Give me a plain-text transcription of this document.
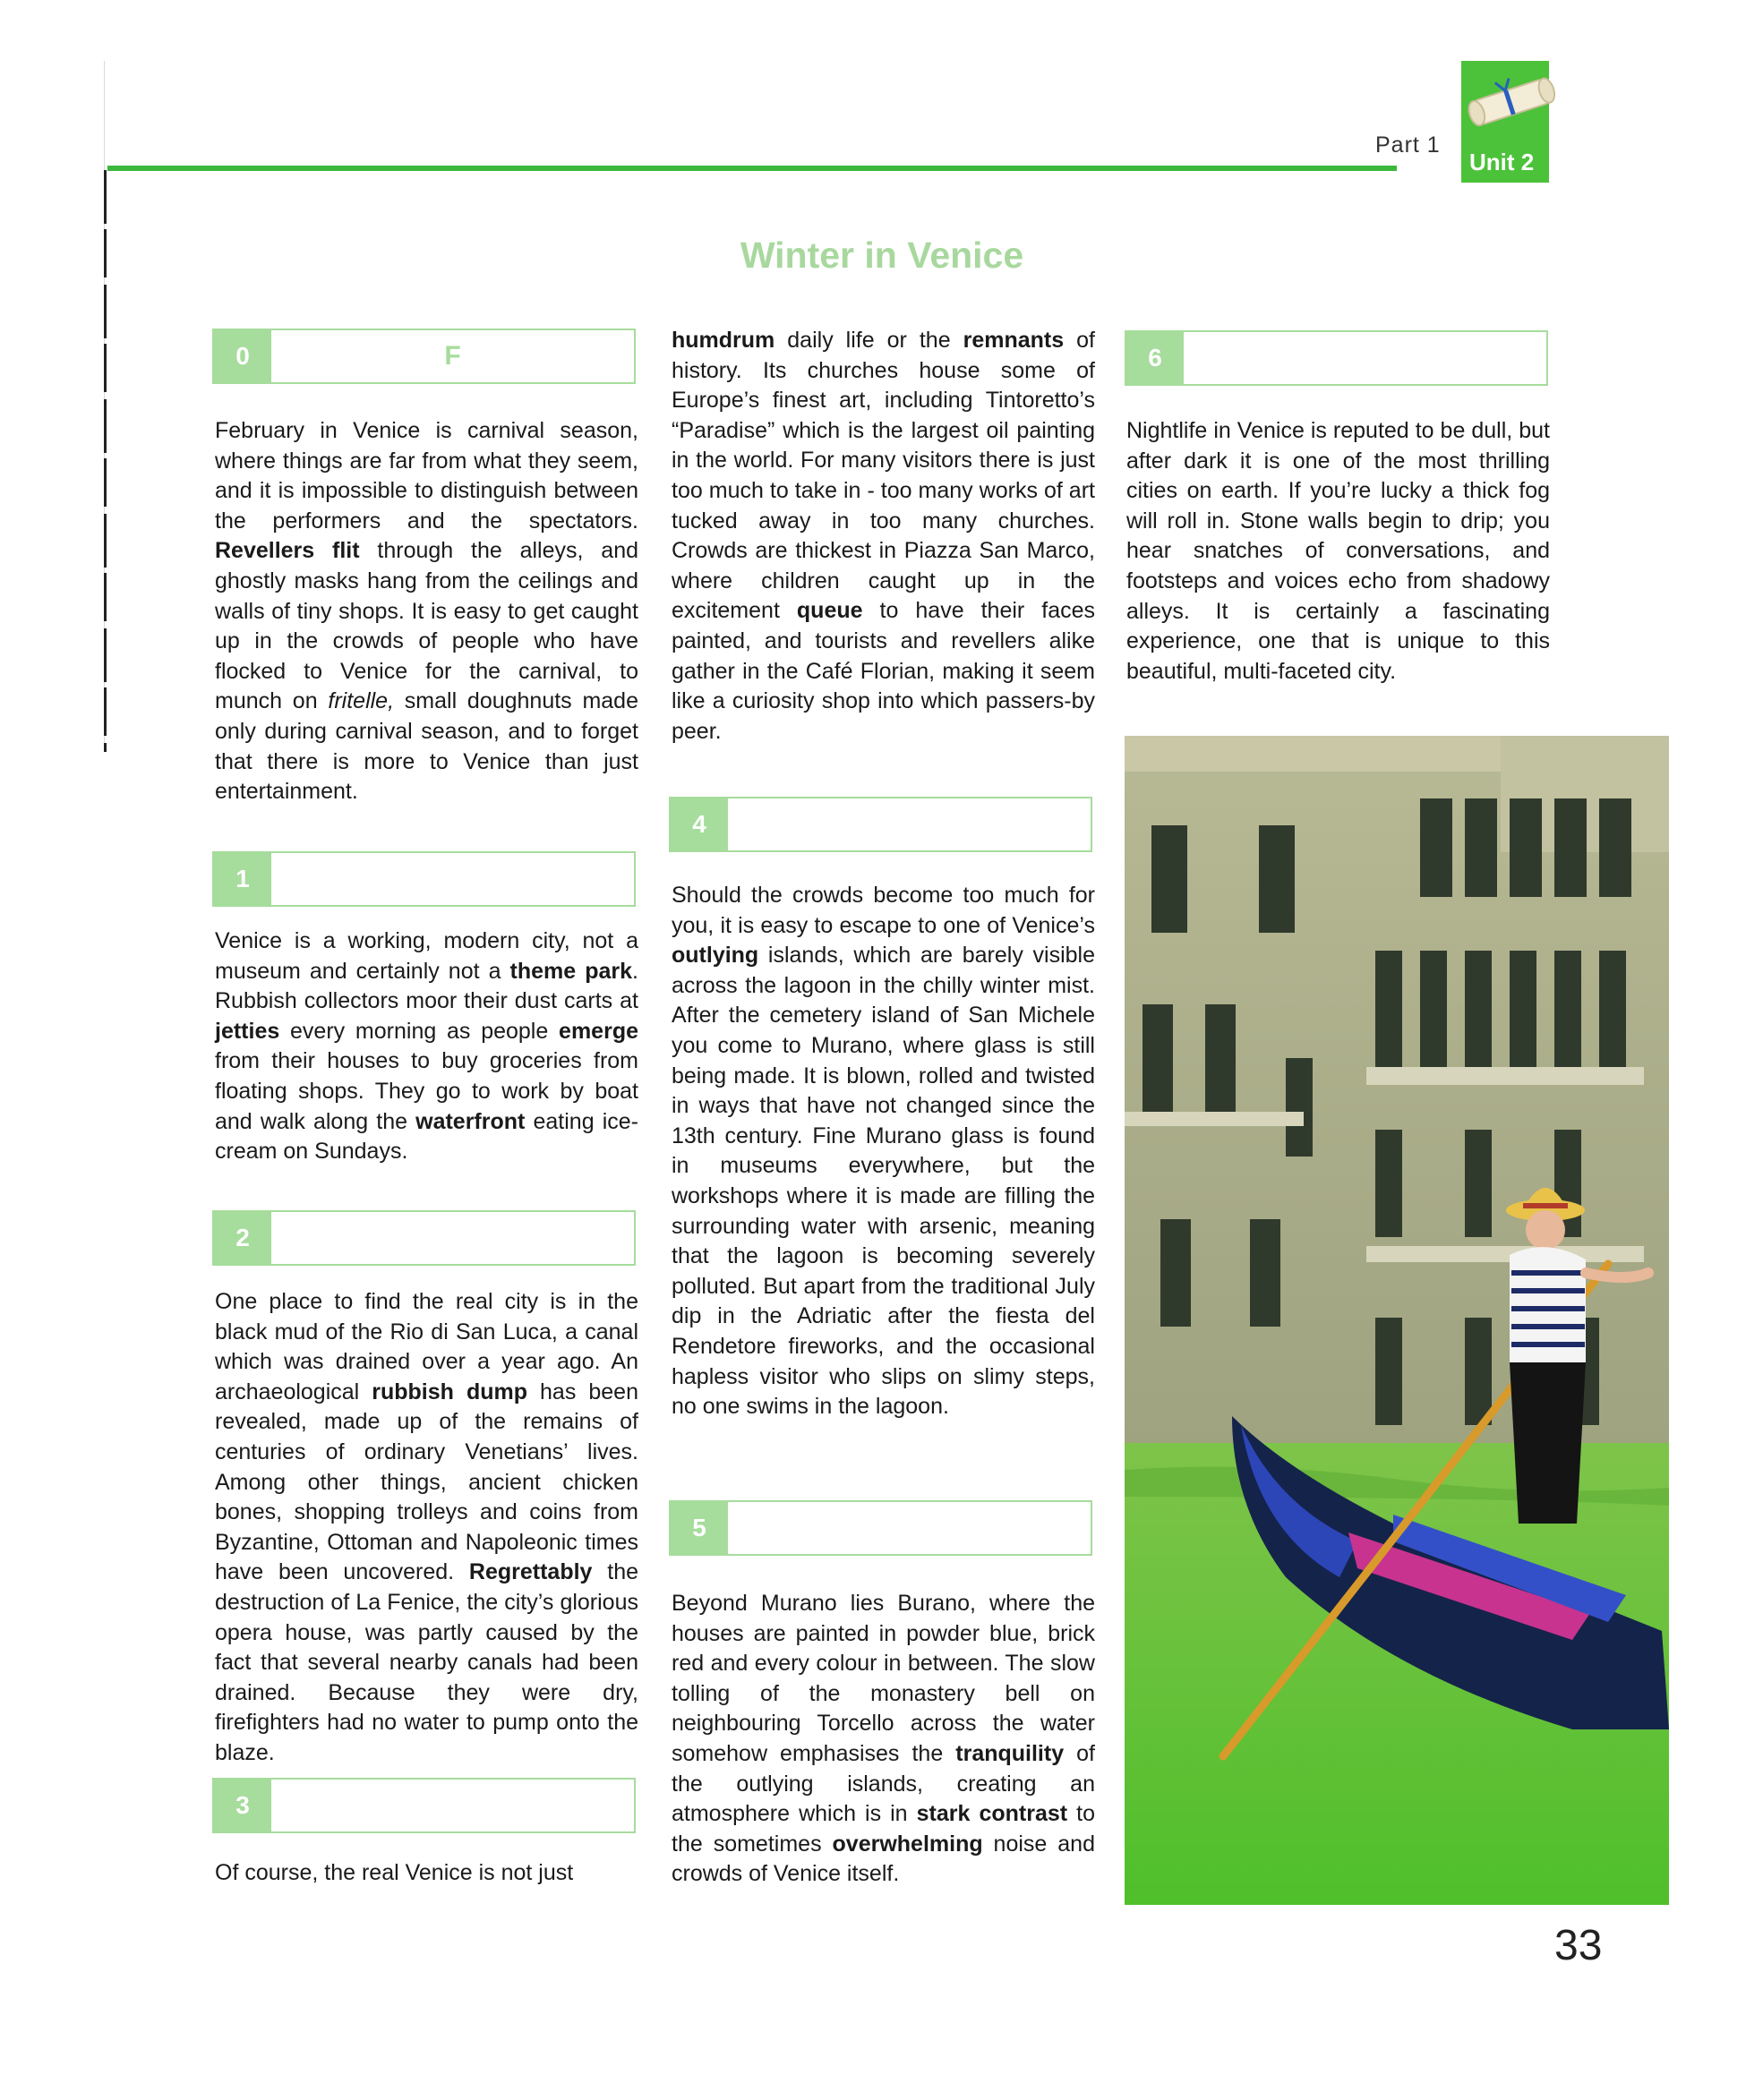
Part 1
Unit 2
Winter in Venice
0	F

February in Venice is carnival season, where things are far from what they seem, and it is impossible to distinguish between the performers and the spectators. Revellers flit through the alleys, and ghostly masks hang from the ceilings and walls of tiny shops. It is easy to get caught up in the crowds of people who have flocked to Venice for the carnival, to munch on fritelle, small doughnuts made only during carnival season, and to forget that there is more to Venice than just entertainment.

1

Venice is a working, modern city, not a museum and certainly not a theme park. Rubbish collectors moor their dust carts at jetties every morning as people emerge from their houses to buy groceries from floating shops. They go to work by boat and walk along the waterfront eating ice-cream on Sundays.

2

One place to find the real city is in the black mud of the Rio di San Luca, a canal which was drained over a year ago. An archaeological rubbish dump has been revealed, made up of the remains of centuries of ordinary Venetians’ lives. Among other things, ancient chicken bones, shopping trolleys and coins from Byzantine, Ottoman and Napoleonic times have been uncovered. Regrettably the destruction of La Fenice, the city’s glorious opera house, was partly caused by the fact that several nearby canals had been drained. Because they were dry, firefighters had no water to pump onto the blaze.

3

Of course, the real Venice is not just

humdrum daily life or the remnants of history. Its churches house some of Europe’s finest art, including Tintoretto’s “Paradise” which is the largest oil painting in the world. For many visitors there is just too much to take in - too many works of art tucked away in too many churches. Crowds are thickest in Piazza San Marco, where children caught up in the excitement queue to have their faces painted, and tourists and revellers alike gather in the Café Florian, making it seem like a curiosity shop into which passers-by peer.

4

Should the crowds become too much for you, it is easy to escape to one of Venice’s outlying islands, which are barely visible across the lagoon in the chilly winter mist. After the cemetery island of San Michele you come to Murano, where glass is still being made. It is blown, rolled and twisted in ways that have not changed since the 13th century. Fine Murano glass is found in museums everywhere, but the workshops where it is made are filling the surrounding water with arsenic, meaning that the lagoon is becoming severely polluted. But apart from the traditional July dip in the Adriatic after the fiesta del Rendetore fireworks, and the occasional hapless visitor who slips on slimy steps, no one swims in the lagoon.

5

Beyond Murano lies Burano, where the houses are painted in powder blue, brick red and every colour in between. The slow tolling of the monastery bell on neighbouring Torcello across the water somehow emphasises the tranquility of the outlying islands, creating an atmosphere which is in stark contrast to the sometimes overwhelming noise and crowds of Venice itself.

6

Nightlife in Venice is reputed to be dull, but after dark it is one of the most thrilling cities on earth. If you’re lucky a thick fog will roll in. Stone walls begin to drip; you hear snatches of conversations, and footsteps and voices echo from shadowy alleys. It is certainly a fascinating experience, one that is unique to this beautiful, multi-faceted city.

33
